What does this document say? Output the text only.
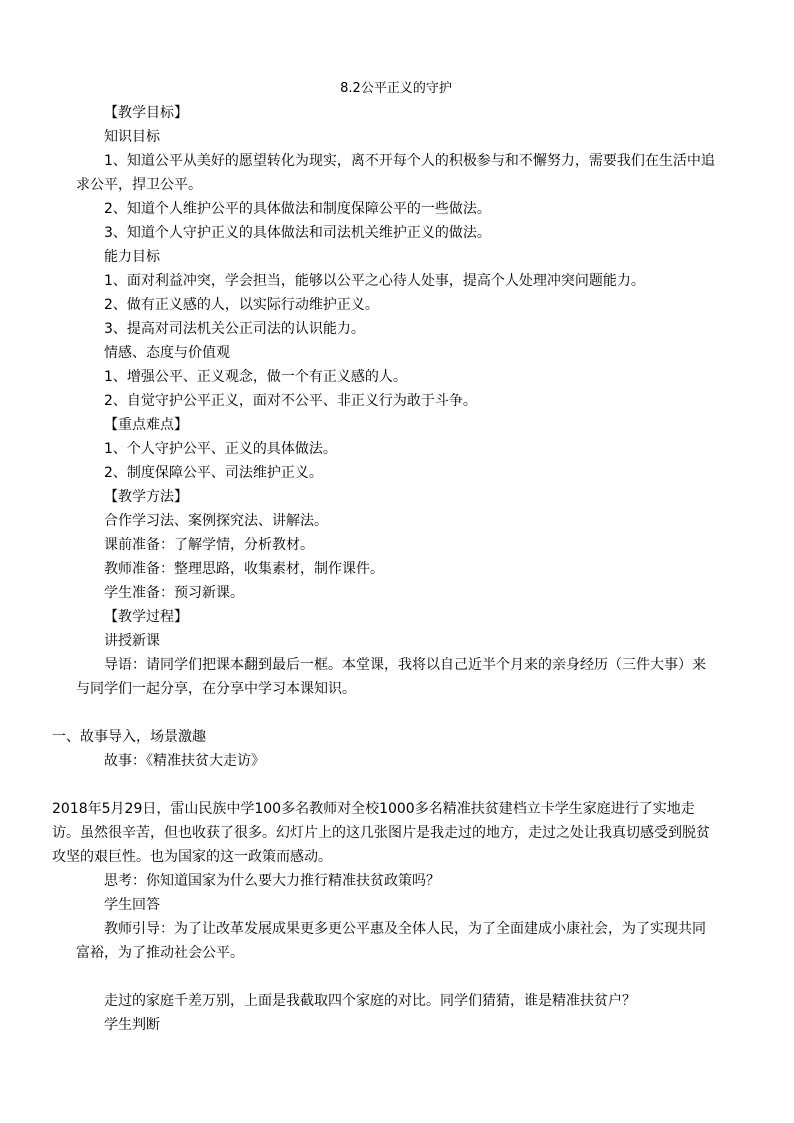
8.2公平正义的守护

【教学目标】

知识目标

1、知道公平从美好的愿望转化为现实，离不开每个人的积极参与和不懈努力，需要我们在生活中追求公平，捍卫公平。

2、知道个人维护公平的具体做法和制度保障公平的一些做法。

3、知道个人守护正义的具体做法和司法机关维护正义的做法。

能力目标

1、面对利益冲突，学会担当，能够以公平之心待人处事，提高个人处理冲突问题能力。

2、做有正义感的人，以实际行动维护正义。

3、提高对司法机关公正司法的认识能力。

情感、态度与价值观

1、增强公平、正义观念，做一个有正义感的人。

2、自觉守护公平正义，面对不公平、非正义行为敢于斗争。

【重点难点】

1、个人守护公平、正义的具体做法。

2、制度保障公平、司法维护正义。

【教学方法】

合作学习法、案例探究法、讲解法。

课前准备：了解学情，分析教材。

教师准备：整理思路，收集素材，制作课件。

学生准备：预习新课。

【教学过程】

讲授新课

导语：请同学们把课本翻到最后一框。本堂课，我将以自己近半个月来的亲身经历（三件大事）来与同学们一起分享，在分享中学习本课知识。

一、故事导入，场景激趣

故事：《精准扶贫大走访》

2018年5月29日，雷山民族中学100多名教师对全校1000多名精准扶贫建档立卡学生家庭进行了实地走访。虽然很辛苦，但也收获了很多。幻灯片上的这几张图片是我走过的地方，走过之处让我真切感受到脱贫攻坚的艰巨性。也为国家的这一政策而感动。

思考：你知道国家为什么要大力推行精准扶贫政策吗？

学生回答

教师引导：为了让改革发展成果更多更公平惠及全体人民，为了全面建成小康社会，为了实现共同富裕，为了推动社会公平。

走过的家庭千差万别，上面是我截取四个家庭的对比。同学们猜猜，谁是精准扶贫户？

学生判断
